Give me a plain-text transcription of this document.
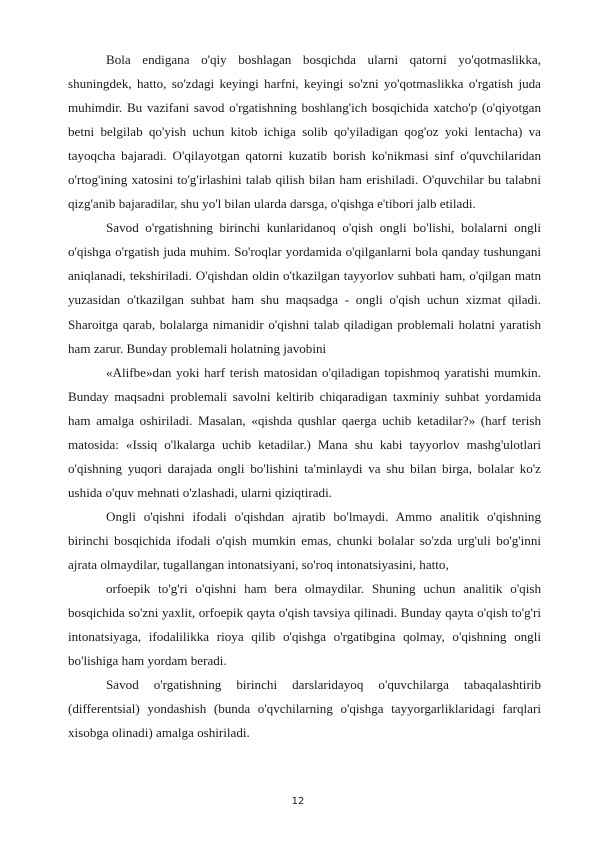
Bola endigana o'qiy boshlagan bosqichda ularni qatorni yo'qotmaslikka, shuningdek, hatto, so'zdagi keyingi harfni, keyingi so'zni yo'qotmaslikka o'rgatish juda muhimdir. Bu vazifani savod o'rgatishning boshlang'ich bosqichida xatcho'p (o'qiyotgan betni belgilab qo'yish uchun kitob ichiga solib qo'yiladigan qog'oz yoki lentacha) va tayoqcha bajaradi. O'qilayotgan qatorni kuzatib borish ko'nikmasi sinf o'quvchilaridan o'rtog'ining xatosini to'g'irlashini talab qilish bilan ham erishiladi. O'quvchilar bu talabni qizg'anib bajaradilar, shu yo'l bilan ularda darsga, o'qishga e'tibori jalb etiladi.

Savod o'rgatishning birinchi kunlaridanoq o'qish ongli bo'lishi, bolalarni ongli o'qishga o'rgatish juda muhim. So'roqlar yordamida o'qilganlarni bola qanday tushungani aniqlanadi, tekshiriladi. O'qishdan oldin o'tkazilgan tayyorlov suhbati ham, o'qilgan matn yuzasidan o'tkazilgan suhbat ham shu maqsadga - ongli o'qish uchun xizmat qiladi. Sharoitga qarab, bolalarga nimanidir o'qishni talab qiladigan problemali holatni yaratish ham zarur. Bunday problemali holatning javobini

«Alifbe»dan yoki harf terish matosidan o'qiladigan topishmoq yaratishi mumkin. Bunday maqsadni problemali savolni keltirib chiqaradigan taxminiy suhbat yordamida ham amalga oshiriladi. Masalan, «qishda qushlar qaerga uchib ketadilar?» (harf terish matosida: «Issiq o'lkalarga uchib ketadilar.) Mana shu kabi tayyorlov mashg'ulotlari o'qishning yuqori darajada ongli bo'lishini ta'minlaydi va shu bilan birga, bolalar ko'z ushida o'quv mehnati o'zlashadi, ularni qiziqtiradi.

Ongli o'qishni ifodali o'qishdan ajratib bo'lmaydi. Ammo analitik o'qishning birinchi bosqichida ifodali o'qish mumkin emas, chunki bolalar so'zda urg'uli bo'g'inni ajrata olmaydilar, tugallangan intonatsiyani, so'roq intonatsiyasini, hatto,

orfoepik to'g'ri o'qishni ham bera olmaydilar. Shuning uchun analitik o'qish bosqichida so'zni yaxlit, orfoepik qayta o'qish tavsiya qilinadi. Bunday qayta o'qish to'g'ri intonatsiyaga, ifodalilikka rioya qilib o'qishga o'rgatibgina qolmay, o'qishning ongli bo'lishiga ham yordam beradi.

Savod o'rgatishning birinchi darslaridayoq o'quvchilarga tabaqalashtirib (differentsial) yondashish (bunda o'qvchilarning o'qishga tayyorgarliklaridagi farqlari xisobga olinadi) amalga oshiriladi.

12
